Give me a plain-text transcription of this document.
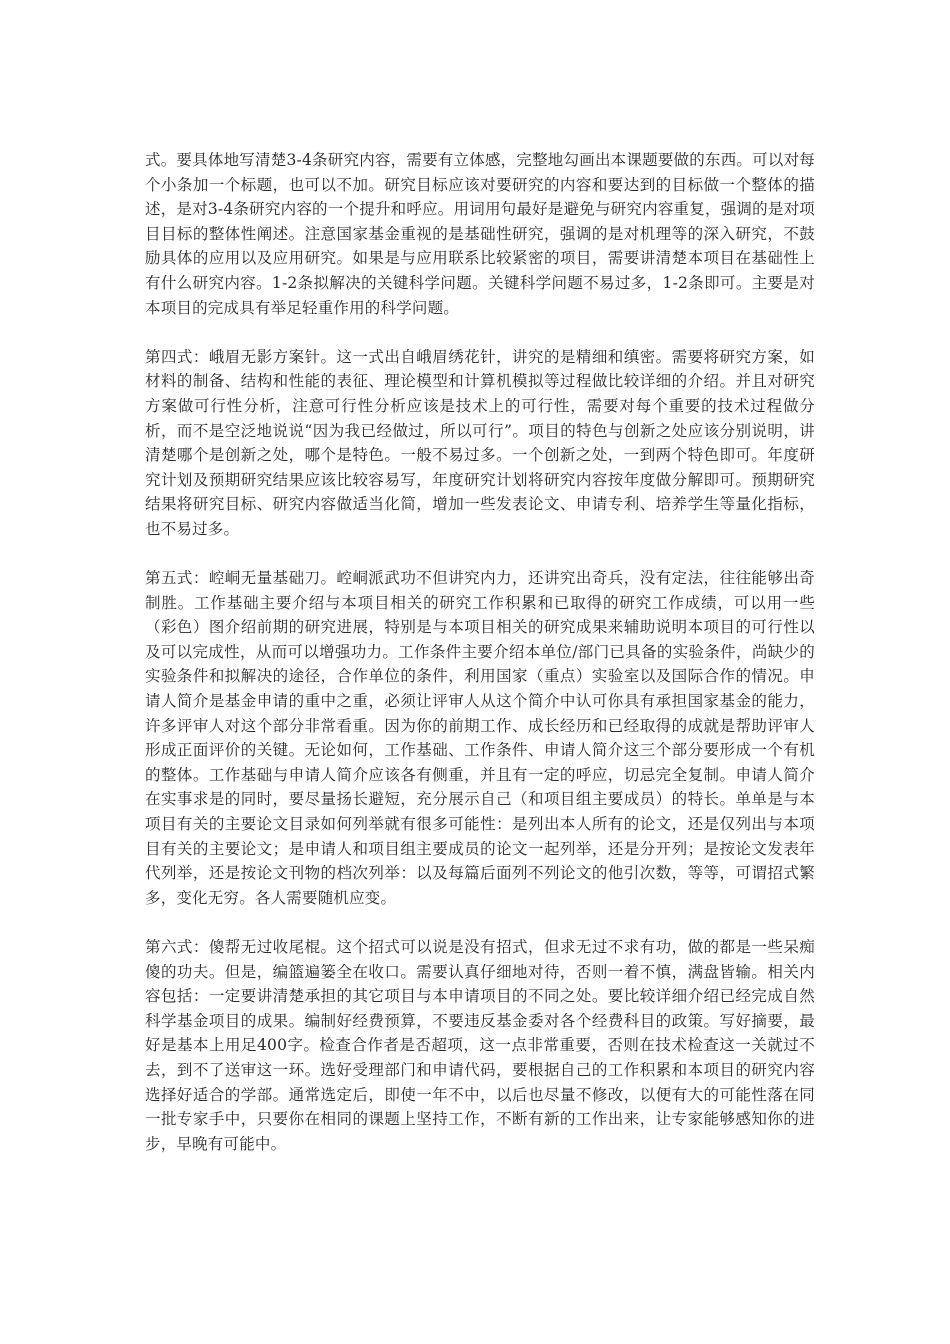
式。要具体地写清楚3-4条研究内容，需要有立体感，完整地勾画出本课题要做的东西。可以对每个小条加一个标题，也可以不加。研究目标应该对要研究的内容和要达到的目标做一个整体的描述，是对3-4条研究内容的一个提升和呼应。用词用句最好是避免与研究内容重复，强调的是对项目目标的整体性阐述。注意国家基金重视的是基础性研究，强调的是对机理等的深入研究，不鼓励具体的应用以及应用研究。如果是与应用联系比较紧密的项目，需要讲清楚本项目在基础性上有什么研究内容。1-2条拟解决的关键科学问题。关键科学问题不易过多，1-2条即可。主要是对本项目的完成具有举足轻重作用的科学问题。

第四式：峨眉无影方案针。这一式出自峨眉绣花针，讲究的是精细和缜密。需要将研究方案，如材料的制备、结构和性能的表征、理论模型和计算机模拟等过程做比较详细的介绍。并且对研究方案做可行性分析，注意可行性分析应该是技术上的可行性，需要对每个重要的技术过程做分析，而不是空泛地说说“因为我已经做过，所以可行”。项目的特色与创新之处应该分别说明，讲清楚哪个是创新之处，哪个是特色。一般不易过多。一个创新之处，一到两个特色即可。年度研究计划及预期研究结果应该比较容易写，年度研究计划将研究内容按年度做分解即可。预期研究结果将研究目标、研究内容做适当化简，增加一些发表论文、申请专利、培养学生等量化指标，也不易过多。

第五式：崆峒无量基础刀。崆峒派武功不但讲究内力，还讲究出奇兵，没有定法，往往能够出奇制胜。工作基础主要介绍与本项目相关的研究工作积累和已取得的研究工作成绩，可以用一些（彩色）图介绍前期的研究进展，特别是与本项目相关的研究成果来辅助说明本项目的可行性以及可以完成性，从而可以增强功力。工作条件主要介绍本单位/部门已具备的实验条件，尚缺少的实验条件和拟解决的途径，合作单位的条件，利用国家（重点）实验室以及国际合作的情况。申请人简介是基金申请的重中之重，必须让评审人从这个简介中认可你具有承担国家基金的能力，许多评审人对这个部分非常看重。因为你的前期工作、成长经历和已经取得的成就是帮助评审人形成正面评价的关键。无论如何，工作基础、工作条件、申请人简介这三个部分要形成一个有机的整体。工作基础与申请人简介应该各有侧重，并且有一定的呼应，切忌完全复制。申请人简介在实事求是的同时，要尽量扬长避短，充分展示自己（和项目组主要成员）的特长。单单是与本项目有关的主要论文目录如何列举就有很多可能性：是列出本人所有的论文，还是仅列出与本项目有关的主要论文；是申请人和项目组主要成员的论文一起列举，还是分开列；是按论文发表年代列举，还是按论文刊物的档次列举：以及每篇后面列不列论文的他引次数，等等，可谓招式繁多，变化无穷。各人需要随机应变。

第六式：傻帮无过收尾棍。这个招式可以说是没有招式，但求无过不求有功，做的都是一些呆痴傻的功夫。但是，编篮遍篓全在收口。需要认真仔细地对待，否则一着不慎，满盘皆输。相关内容包括：一定要讲清楚承担的其它项目与本申请项目的不同之处。要比较详细介绍已经完成自然科学基金项目的成果。编制好经费预算，不要违反基金委对各个经费科目的政策。写好摘要，最好是基本上用足400字。检查合作者是否超项，这一点非常重要，否则在技术检查这一关就过不去，到不了送审这一环。选好受理部门和申请代码，要根据自己的工作积累和本项目的研究内容选择好适合的学部。通常选定后，即使一年不中，以后也尽量不修改，以便有大的可能性落在同一批专家手中，只要你在相同的课题上坚持工作，不断有新的工作出来，让专家能够感知你的进步，早晚有可能中。
